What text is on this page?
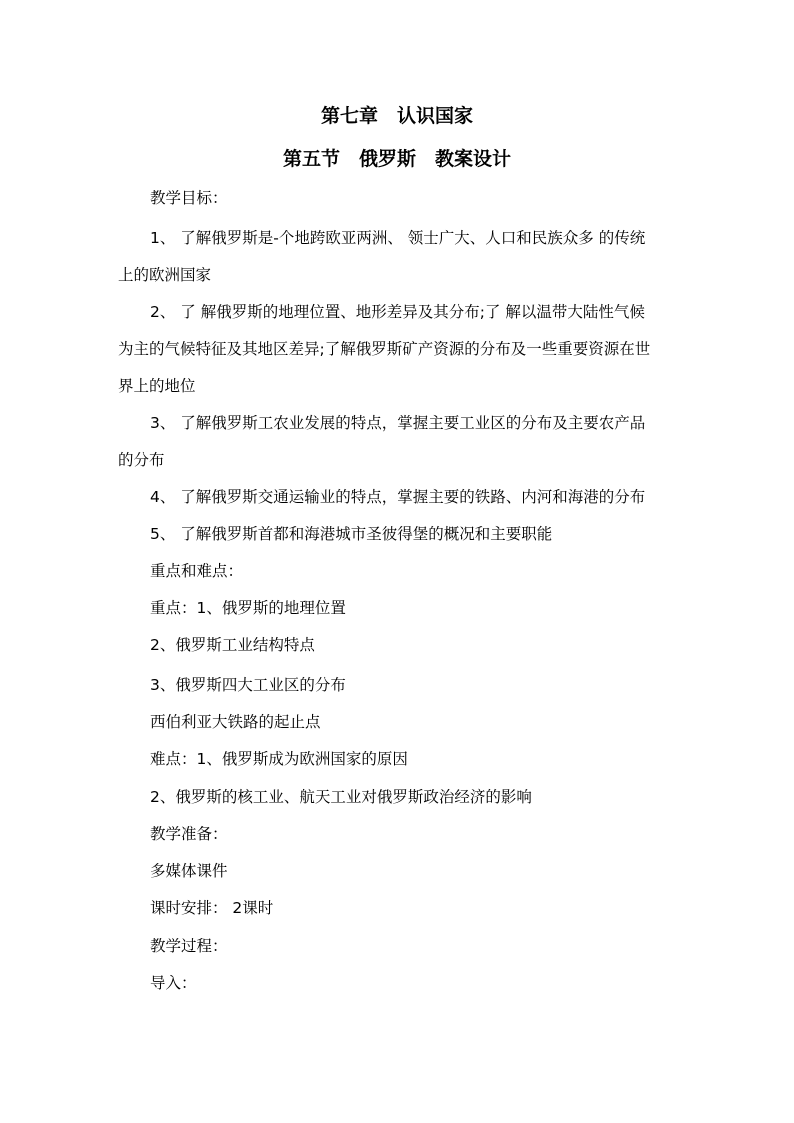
第七章　认识国家
第五节　俄罗斯　教案设计
教学目标：
1、 了解俄罗斯是-个地跨欧亚两洲、 领士广大、人口和民族众多 的传统
上的欧洲国家
2、 了 解俄罗斯的地理位置、地形差异及其分布;了 解以温带大陆性气候
为主的气候特征及其地区差异;了解俄罗斯矿产资源的分布及一些重要资源在世
界上的地位
3、 了解俄罗斯工农业发展的特点，掌握主要工业区的分布及主要农产品
的分布
4、 了解俄罗斯交通运输业的特点，掌握主要的铁路、内河和海港的分布
5、 了解俄罗斯首都和海港城市圣彼得堡的概况和主要职能
重点和难点：
重点：1、俄罗斯的地理位置
2、俄罗斯工业结构特点
3、俄罗斯四大工业区的分布
西伯利亚大铁路的起止点
难点：1、俄罗斯成为欧洲国家的原因
2、俄罗斯的核工业、航天工业对俄罗斯政治经济的影响
教学准备：
多媒体课件
课时安排： 2课时
教学过程：
导入：
